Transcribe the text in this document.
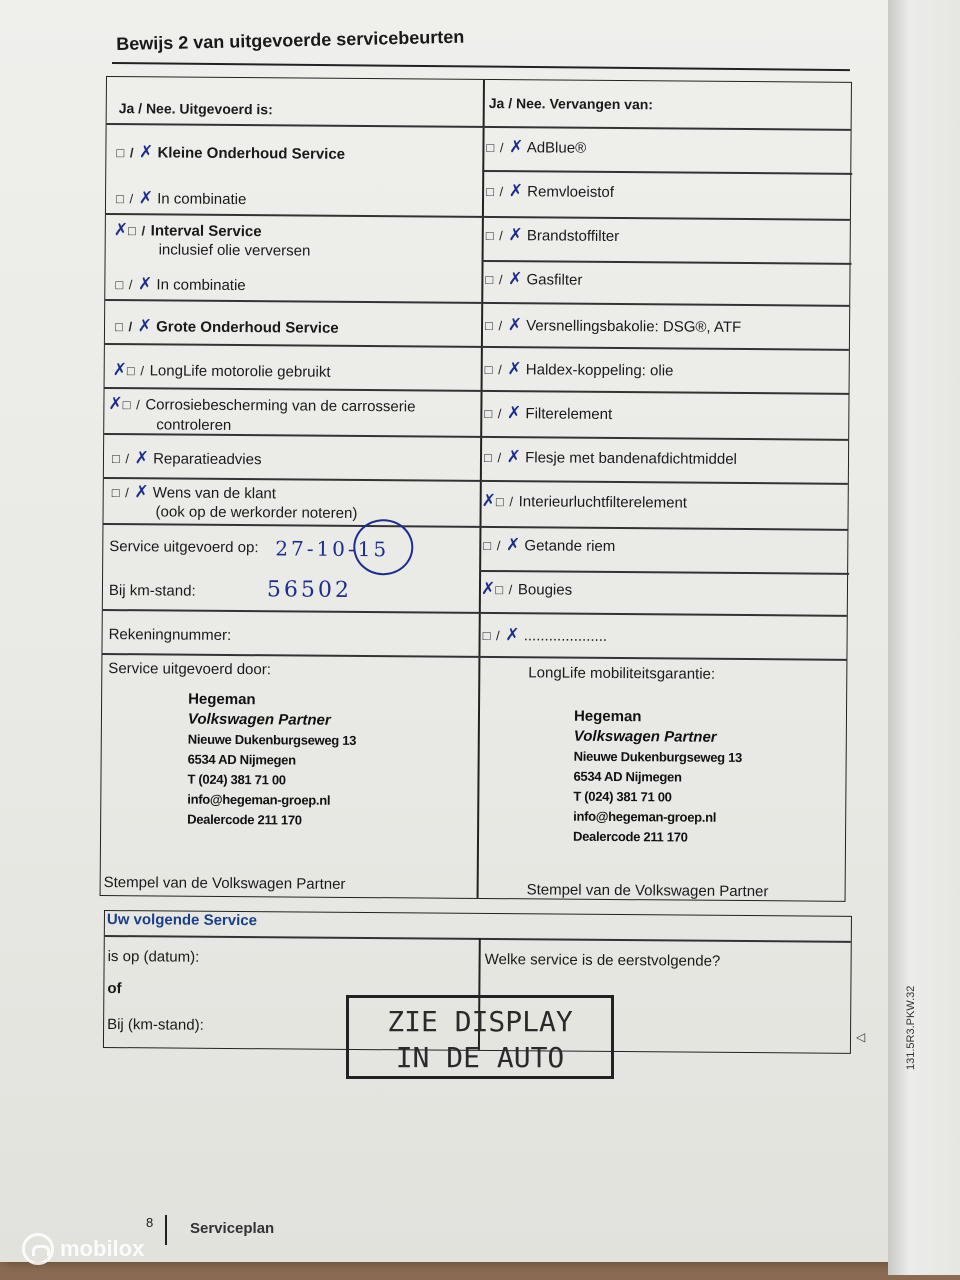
Bewijs 2 van uitgevoerde servicebeurten
Ja / Nee. Uitgevoerd is:	Ja / Nee. Vervangen van:
□ / ✗ Kleine Onderhoud Service
□ / ✗ In combinatie
✗□ / Interval Service
inclusief olie verversen
□ / ✗ In combinatie
□ / ✗ Grote Onderhoud Service
✗□ / LongLife motorolie gebruikt
✗□ / Corrosiebescherming van de carrosserie
controleren
□ / ✗ Reparatieadvies
□ / ✗ Wens van de klant
(ook op de werkorder noteren)
Service uitgevoerd op: 27-10-15
Bij km-stand:	56502
Rekeningnummer:
Service uitgevoerd door:
Hegeman
Volkswagen Partner
Nieuwe Dukenburgseweg 13
6534 AD Nijmegen
T (024) 381 71 00
info@hegeman-groep.nl
Dealercode 211 170
Stempel van de Volkswagen Partner
□ / ✗ AdBlue®
□ / ✗ Remvloeistof
□ / ✗ Brandstoffilter
□ / ✗ Gasfilter
□ / ✗ Versnellingsbakolie: DSG®, ATF
□ / ✗ Haldex-koppeling: olie
□ / ✗ Filterelement
□ / ✗ Flesje met bandenafdichtmiddel
✗□ / Interieurluchtfilterelement
□ / ✗ Getande riem
✗□ / Bougies
□ / ✗ ....................
LongLife mobiliteitsgarantie:
Hegeman
Volkswagen Partner
Nieuwe Dukenburgseweg 13
6534 AD Nijmegen
T (024) 381 71 00
info@hegeman-groep.nl
Dealercode 211 170
Stempel van de Volkswagen Partner
Uw volgende Service
is op (datum):
of
Bij (km-stand):
Welke service is de eerstvolgende?
ZIE DISPLAY
IN DE AUTO
◁
8 Serviceplan
131.5R3.PKW.32
mobilox
